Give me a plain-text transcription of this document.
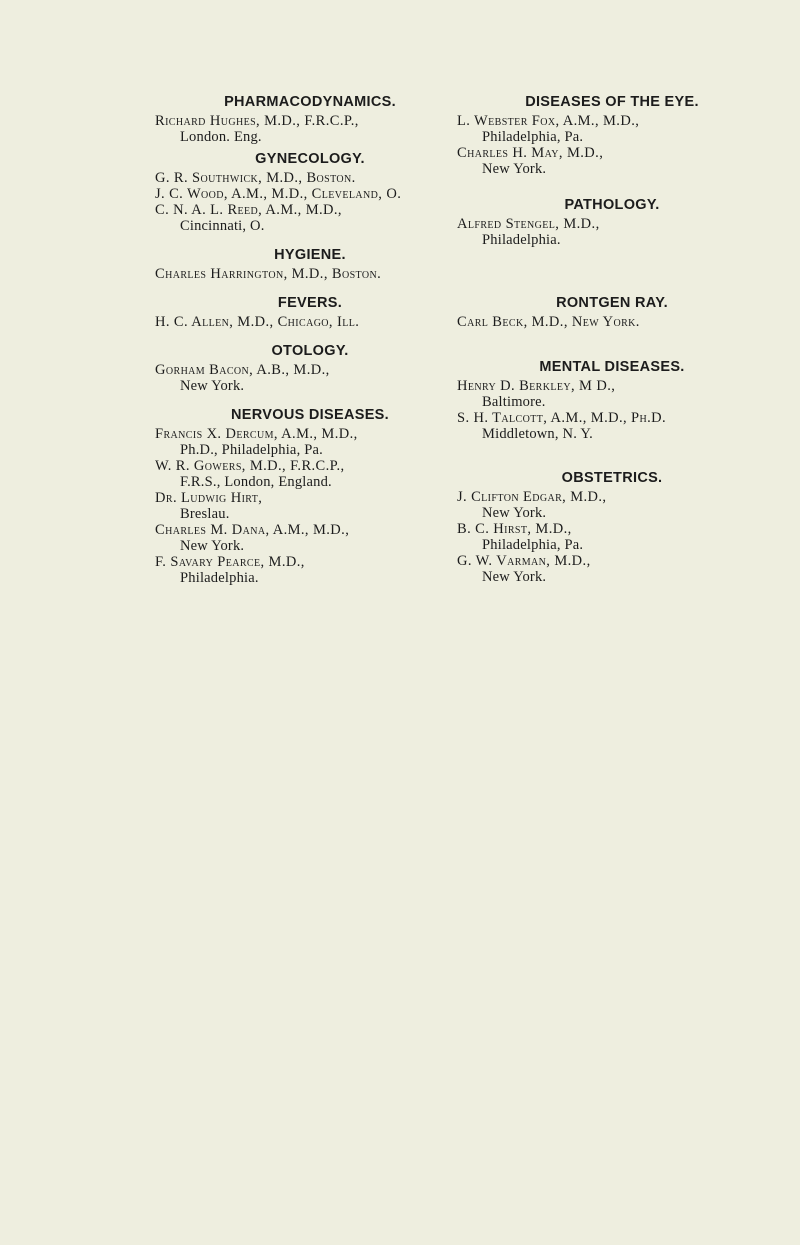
PHARMACODYNAMICS.
Richard Hughes, M.D., F.R.C.P.,
London. Eng.
GYNECOLOGY.
G. R. Southwick, M.D., Boston.
J. C. Wood, A.M., M.D., Cleveland, O.
C. N. A. L. Reed, A.M., M.D.,
Cincinnati, O.
HYGIENE.
Charles Harrington, M.D., Boston.
FEVERS.
H. C. Allen, M.D., Chicago, Ill.
OTOLOGY.
Gorham Bacon, A.B., M.D.,
New York.
NERVOUS DISEASES.
Francis X. Dercum, A.M., M.D.,
Ph.D., Philadelphia, Pa.
W. R. Gowers, M.D., F.R.C.P.,
F.R.S., London, England.
Dr. Ludwig Hirt,
Breslau.
Charles M. Dana, A.M., M.D.,
New York.
F. Savary Pearce, M.D.,
Philadelphia.
DISEASES OF THE EYE.
L. Webster Fox, A.M., M.D.,
Philadelphia, Pa.
Charles H. May, M.D.,
New York.
PATHOLOGY.
Alfred Stengel, M.D.,
Philadelphia.
RONTGEN RAY.
Carl Beck, M.D., New York.
MENTAL DISEASES.
Henry D. Berkley, M D.,
Baltimore.
S. H. Talcott, A.M., M.D., Ph.D.
Middletown, N. Y.
OBSTETRICS.
J. Clifton Edgar, M.D.,
New York.
B. C. Hirst, M.D.,
Philadelphia, Pa.
G. W. Varman, M.D.,
New York.
